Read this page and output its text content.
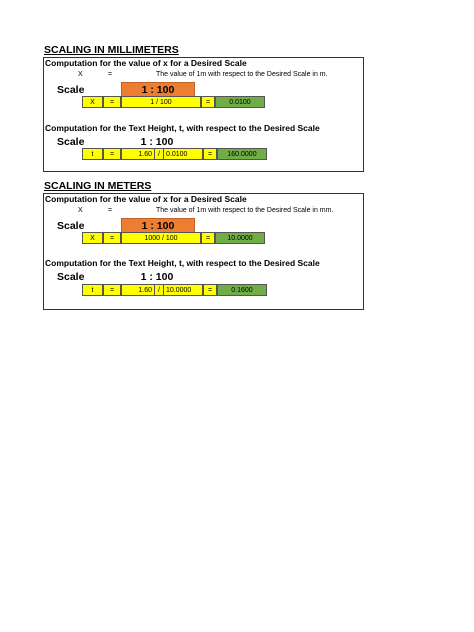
SCALING IN MILLIMETERS
Computation for the value of x for a Desired Scale
X	=	The value of 1m with respect to the Desired Scale in m.
Scale	1 : 100
X	=	1 / 100	=	0.0100
Computation for the Text Height, t, with respect to the Desired Scale
Scale	1 : 100
t	=	1.60 / 0.0100	=	160.0000
SCALING IN METERS
Computation for the value of x for a Desired Scale
X	=	The value of 1m with respect to the Desired Scale in mm.
Scale	1 : 100
X	=	1000 / 100	=	10.0000
Computation for the Text Height, t, with respect to the Desired Scale
Scale	1 : 100
t	=	1.60 / 10.0000	=	0.1600
